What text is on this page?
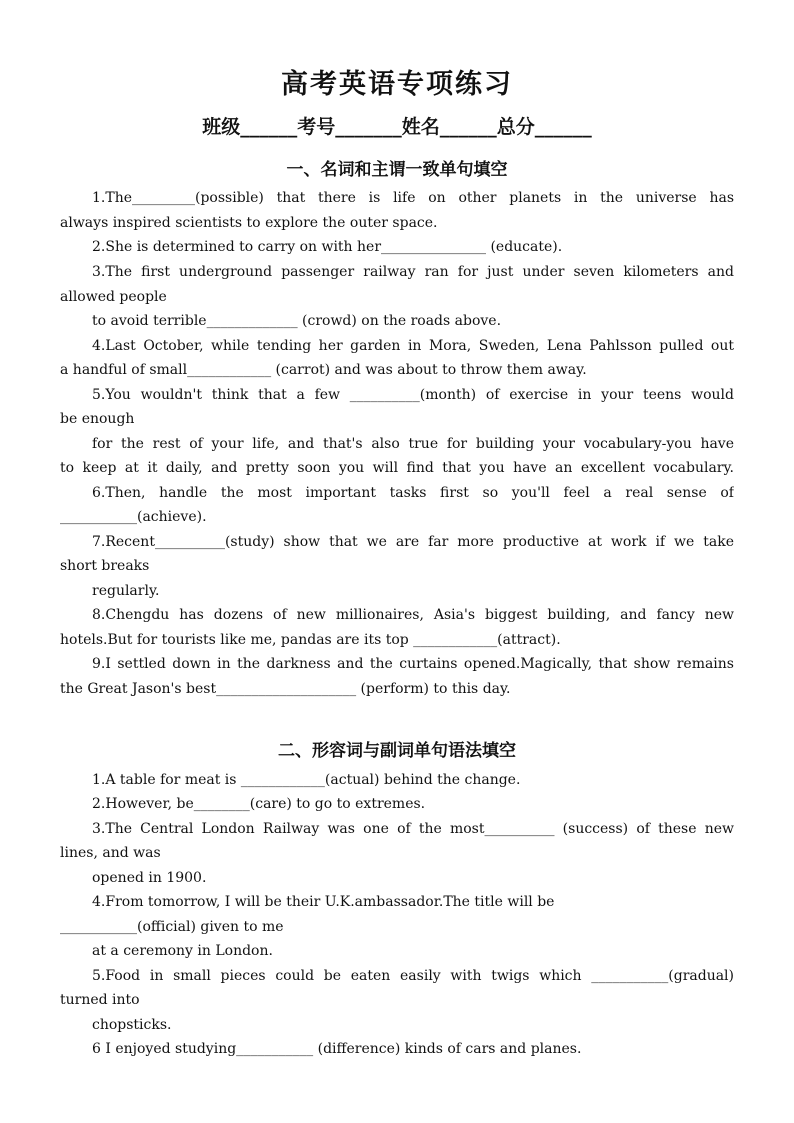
高考英语专项练习
班级______考号_______姓名______总分______
一、名词和主谓一致单句填空
1.The_________(possible) that there is life on other planets in the universe has
always inspired scientists to explore the outer space.
2.She is determined to carry on with her_______________ (educate).
3.The first underground passenger railway ran for just under seven kilometers and
allowed people
to avoid terrible_____________ (crowd) on the roads above.
4.Last October, while tending her garden in Mora, Sweden, Lena Pahlsson pulled out
a handful of small____________ (carrot) and was about to throw them away.
5.You wouldn't think that a few __________(month) of exercise in your teens would
be enough
for the rest of your life, and that's also true for building your vocabulary-you have
to keep at it daily, and pretty soon you will find that you have an excellent vocabulary.
6.Then, handle the most important tasks first so you'll feel a real sense of
___________(achieve).
7.Recent__________(study) show that we are far more productive at work if we take
short breaks
regularly.
8.Chengdu has dozens of new millionaires, Asia's biggest building, and fancy new
hotels.But for tourists like me, pandas are its top ____________(attract).
9.I settled down in the darkness and the curtains opened.Magically, that show remains
the Great Jason's best____________________ (perform) to this day.
二、形容词与副词单句语法填空
1.A table for meat is ____________(actual) behind the change.
2.However, be________(care) to go to extremes.
3.The Central London Railway was one of the most__________ (success) of these new
lines, and was
opened in 1900.
4.From tomorrow, I will be their U.K.ambassador.The title will be
___________(official) given to me
at a ceremony in London.
5.Food in small pieces could be eaten easily with twigs which ___________(gradual)
turned into
chopsticks.
6 I enjoyed studying___________ (difference) kinds of cars and planes.
